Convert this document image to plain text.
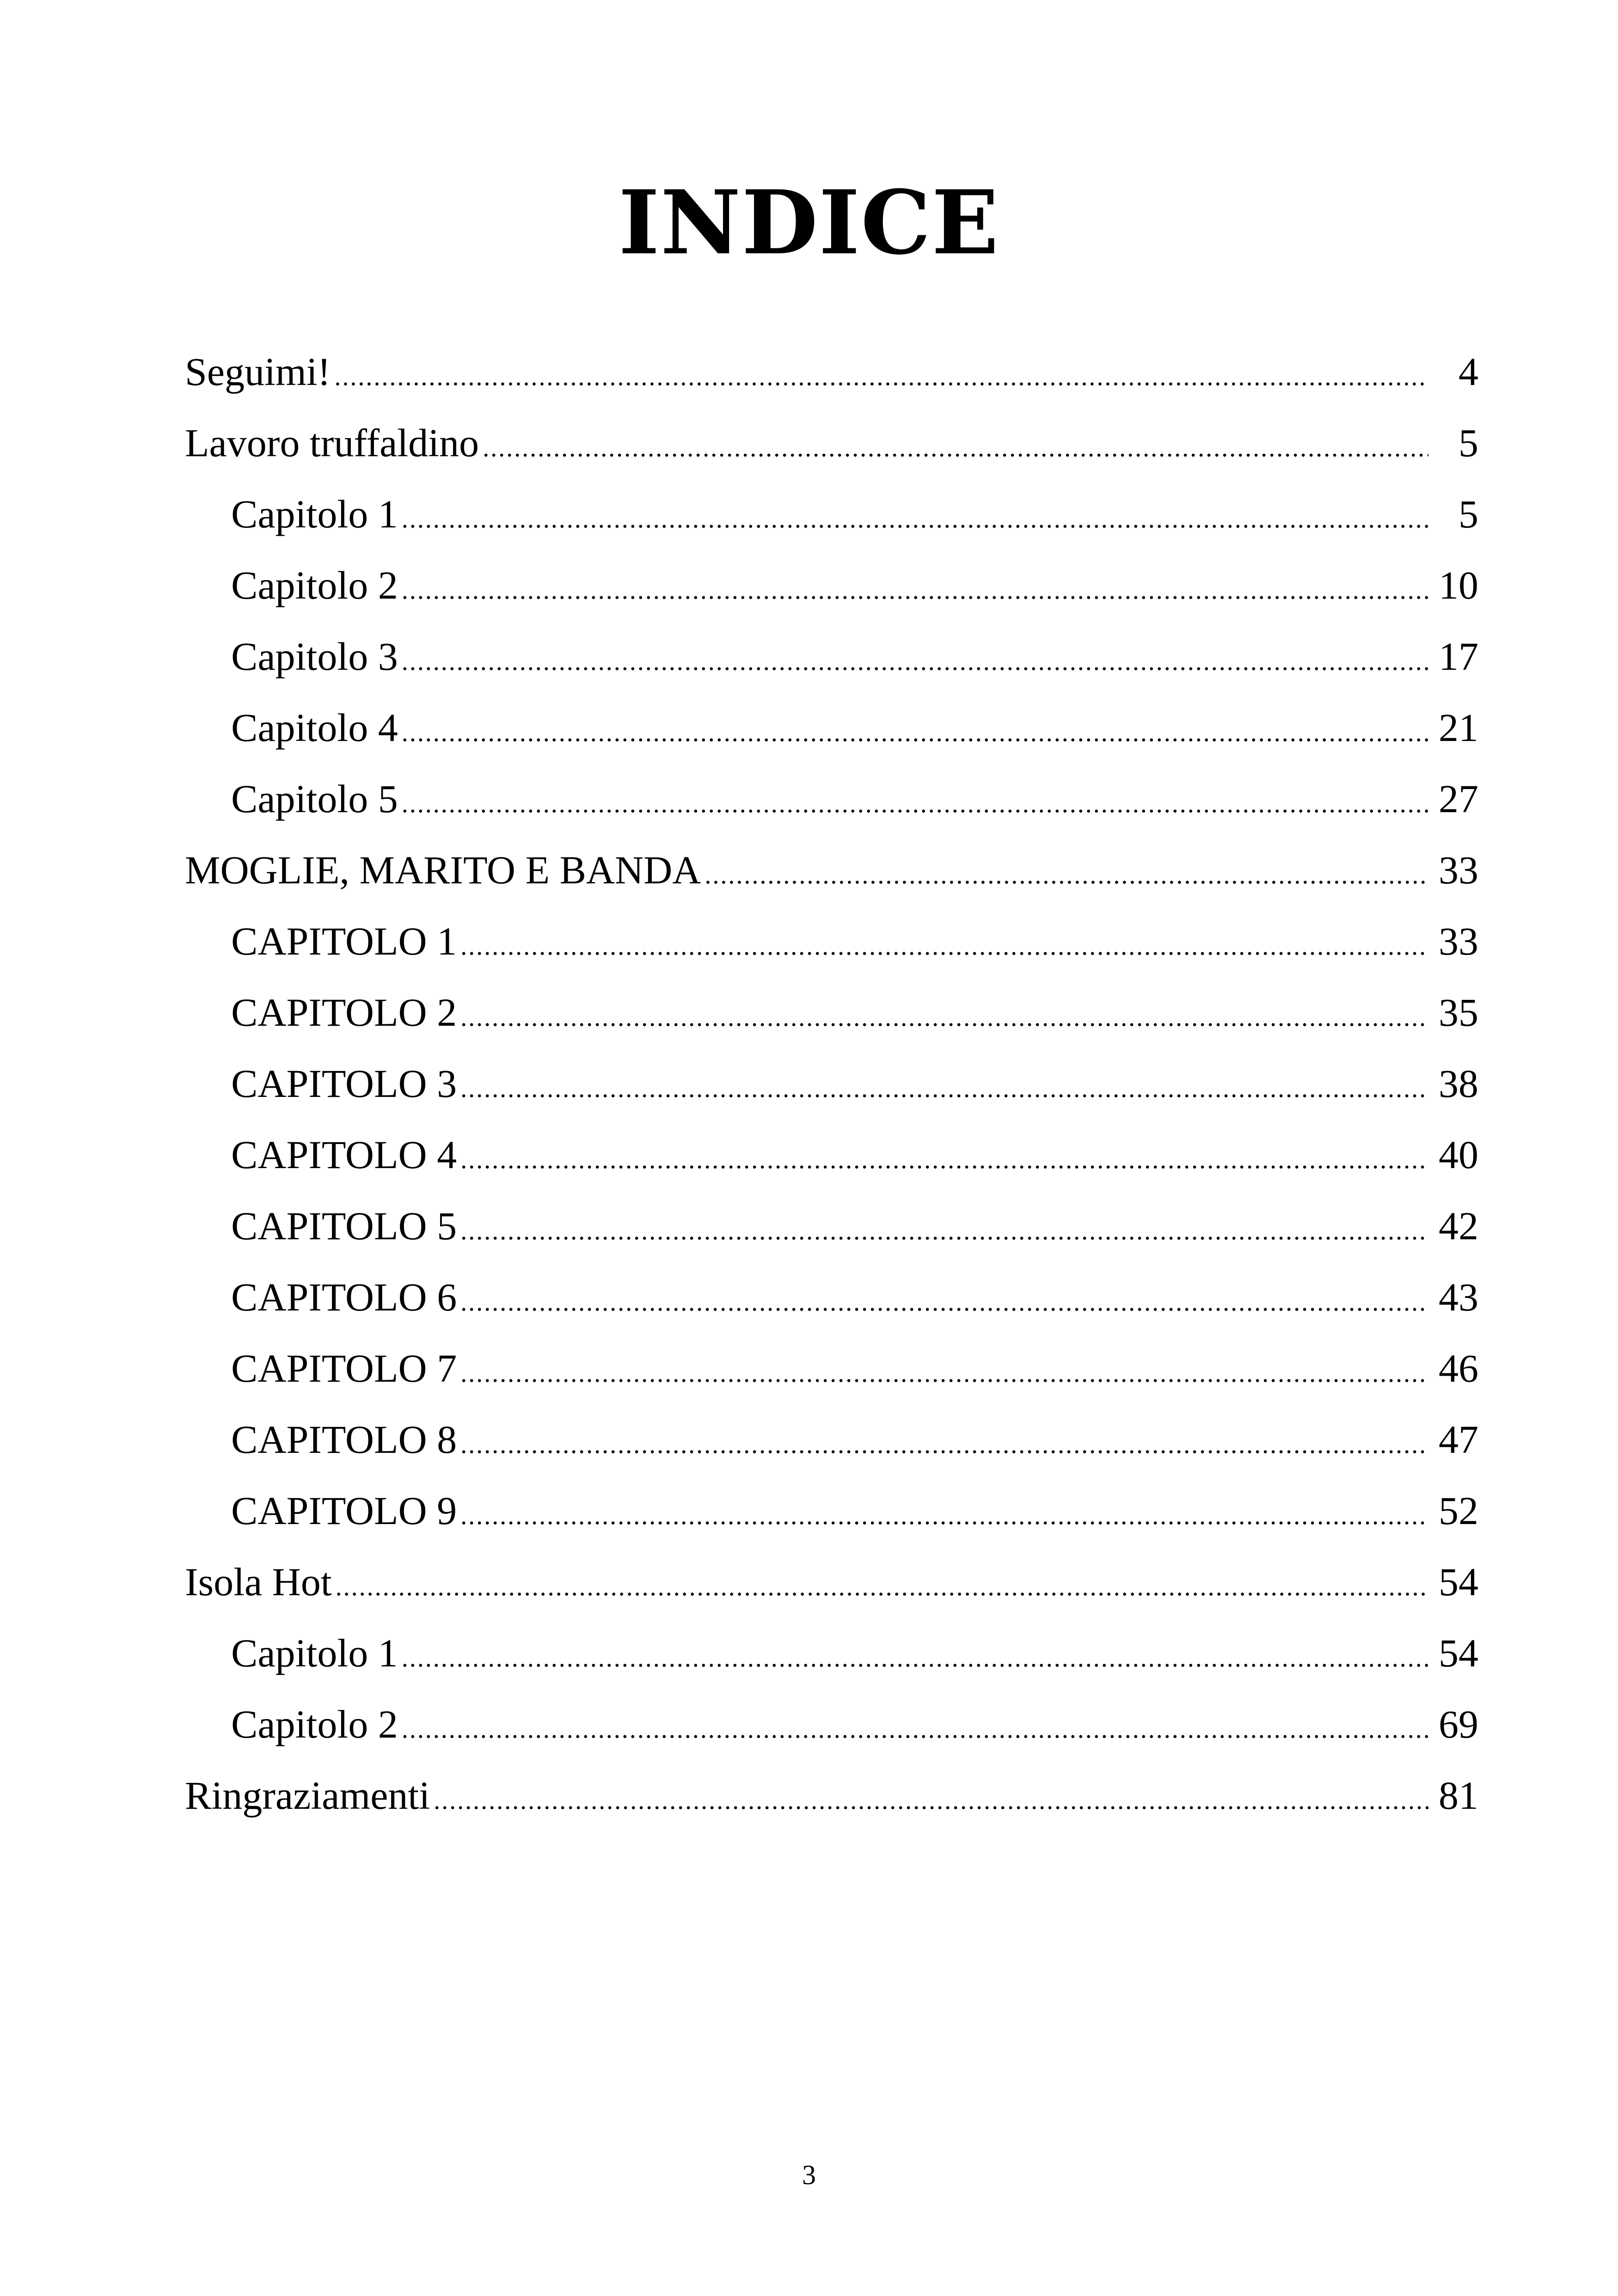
INDICE
Seguimi! .....	4
Lavoro truffaldino .....	5
Capitolo 1 .....	5
Capitolo 2 .....	10
Capitolo 3 .....	17
Capitolo 4 .....	21
Capitolo 5 .....	27
MOGLIE, MARITO E BANDA .....	33
CAPITOLO 1 .....	33
CAPITOLO 2 .....	35
CAPITOLO 3 .....	38
CAPITOLO 4 .....	40
CAPITOLO 5 .....	42
CAPITOLO 6 .....	43
CAPITOLO 7 .....	46
CAPITOLO 8 .....	47
CAPITOLO 9 .....	52
Isola Hot .....	54
Capitolo 1 .....	54
Capitolo 2 .....	69
Ringraziamenti .....	81
3
